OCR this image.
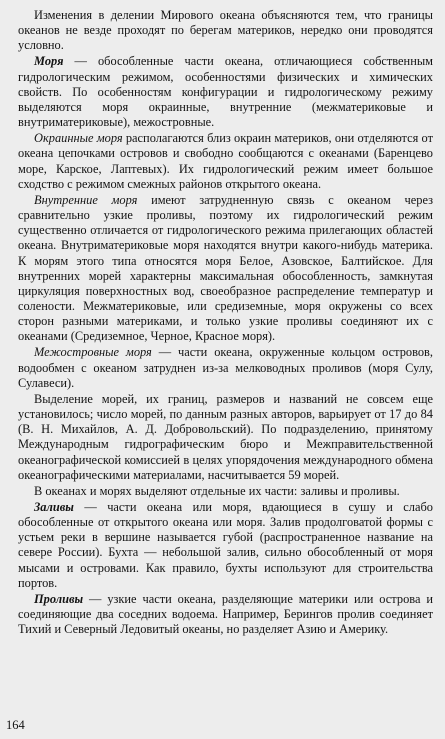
Изменения в делении Мирового океана объясняются тем, что границы океанов не везде проходят по берегам материков, нередко они проводятся условно.

Моря — обособленные части океана, отличающиеся собственным гидрологическим режимом, особенностями физических и химических свойств. По особенностям конфигурации и гидрологическому режиму выделяются моря окраинные, внутренние (межматериковые и внутриматериковые), межостровные.

Окраинные моря располагаются близ окраин материков, они отделяются от океана цепочками островов и свободно сообщаются с океанами (Баренцево море, Карское, Лаптевых). Их гидрологический режим имеет большое сходство с режимом смежных районов открытого океана.

Внутренние моря имеют затрудненную связь с океаном через сравнительно узкие проливы, поэтому их гидрологический режим существенно отличается от гидрологического режима прилегающих областей океана. Внутриматериковые моря находятся внутри какого-нибудь материка. К морям этого типа относятся моря Белое, Азовское, Балтийское. Для внутренних морей характерны максимальная обособленность, замкнутая циркуляция поверхностных вод, своеобразное распределение температур и солености. Межматериковые, или средиземные, моря окружены со всех сторон разными материками, и только узкие проливы соединяют их с океанами (Средиземное, Черное, Красное моря).

Межостровные моря — части океана, окруженные кольцом островов, водообмен с океаном затруднен из-за мелководных проливов (моря Сулу, Сулавеси).

Выделение морей, их границ, размеров и названий не совсем еще установилось; число морей, по данным разных авторов, варьирует от 17 до 84 (В. Н. Михайлов, А. Д. Добровольский). По подразделению, принятому Международным гидрографическим бюро и Межправительственной океанографической комиссией в целях упорядочения международного обмена океанографическими материалами, насчитывается 59 морей.

В океанах и морях выделяют отдельные их части: заливы и проливы.

Заливы — части океана или моря, вдающиеся в сушу и слабо обособленные от открытого океана или моря. Залив продолговатой формы с устьем реки в вершине называется губой (распространенное название на севере России). Бухта — небольшой залив, сильно обособленный от моря мысами и островами. Как правило, бухты используют для строительства портов.

Проливы — узкие части океана, разделяющие материки или острова и соединяющие два соседних водоема. Например, Берингов пролив соединяет Тихий и Северный Ледовитый океаны, но разделяет Азию и Америку.

164
